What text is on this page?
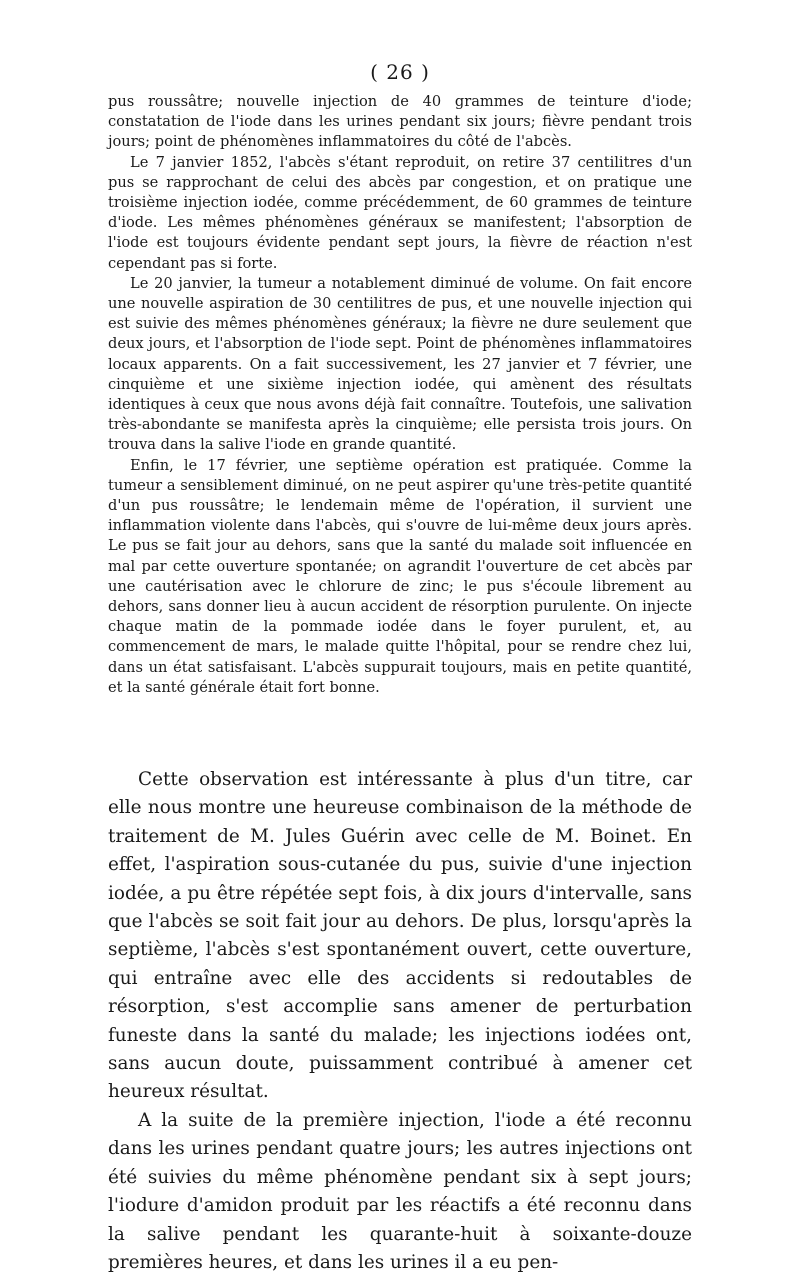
( 26 )

pus roussâtre; nouvelle injection de 40 grammes de teinture d'iode; constatation de l'iode dans les urines pendant six jours; fièvre pendant trois jours; point de phénomènes inflammatoires du côté de l'abcès.

Le 7 janvier 1852, l'abcès s'étant reproduit, on retire 37 centilitres d'un pus se rapprochant de celui des abcès par congestion, et on pratique une troisième injection iodée, comme précédemment, de 60 grammes de teinture d'iode. Les mêmes phénomènes généraux se manifestent; l'absorption de l'iode est toujours évidente pendant sept jours, la fièvre de réaction n'est cependant pas si forte.

Le 20 janvier, la tumeur a notablement diminué de volume. On fait encore une nouvelle aspiration de 30 centilitres de pus, et une nouvelle injection qui est suivie des mêmes phénomènes généraux; la fièvre ne dure seulement que deux jours, et l'absorption de l'iode sept. Point de phénomènes inflammatoires locaux apparents. On a fait successivement, les 27 janvier et 7 février, une cinquième et une sixième injection iodée, qui amènent des résultats identiques à ceux que nous avons déjà fait connaître. Toutefois, une salivation très-abondante se manifesta après la cinquième; elle persista trois jours. On trouva dans la salive l'iode en grande quantité.

Enfin, le 17 février, une septième opération est pratiquée. Comme la tumeur a sensiblement diminué, on ne peut aspirer qu'une très-petite quantité d'un pus roussâtre; le lendemain même de l'opération, il survient une inflammation violente dans l'abcès, qui s'ouvre de lui-même deux jours après. Le pus se fait jour au dehors, sans que la santé du malade soit influencée en mal par cette ouverture spontanée; on agrandit l'ouverture de cet abcès par une cautérisation avec le chlorure de zinc; le pus s'écoule librement au dehors, sans donner lieu à aucun accident de résorption purulente. On injecte chaque matin de la pommade iodée dans le foyer purulent, et, au commencement de mars, le malade quitte l'hôpital, pour se rendre chez lui, dans un état satisfaisant. L'abcès suppurait toujours, mais en petite quantité, et la santé générale était fort bonne.

Cette observation est intéressante à plus d'un titre, car elle nous montre une heureuse combinaison de la méthode de traitement de M. Jules Guérin avec celle de M. Boinet. En effet, l'aspiration sous-cutanée du pus, suivie d'une injection iodée, a pu être répétée sept fois, à dix jours d'intervalle, sans que l'abcès se soit fait jour au dehors. De plus, lorsqu'après la septième, l'abcès s'est spontanément ouvert, cette ouverture, qui entraîne avec elle des accidents si redoutables de résorption, s'est accomplie sans amener de perturbation funeste dans la santé du malade; les injections iodées ont, sans aucun doute, puissamment contribué à amener cet heureux résultat.

A la suite de la première injection, l'iode a été reconnu dans les urines pendant quatre jours; les autres injections ont été suivies du même phénomène pendant six à sept jours; l'iodure d'amidon produit par les réactifs a été reconnu dans la salive pendant les quarante-huit à soixante-douze premières heures, et dans les urines il a eu pen-
